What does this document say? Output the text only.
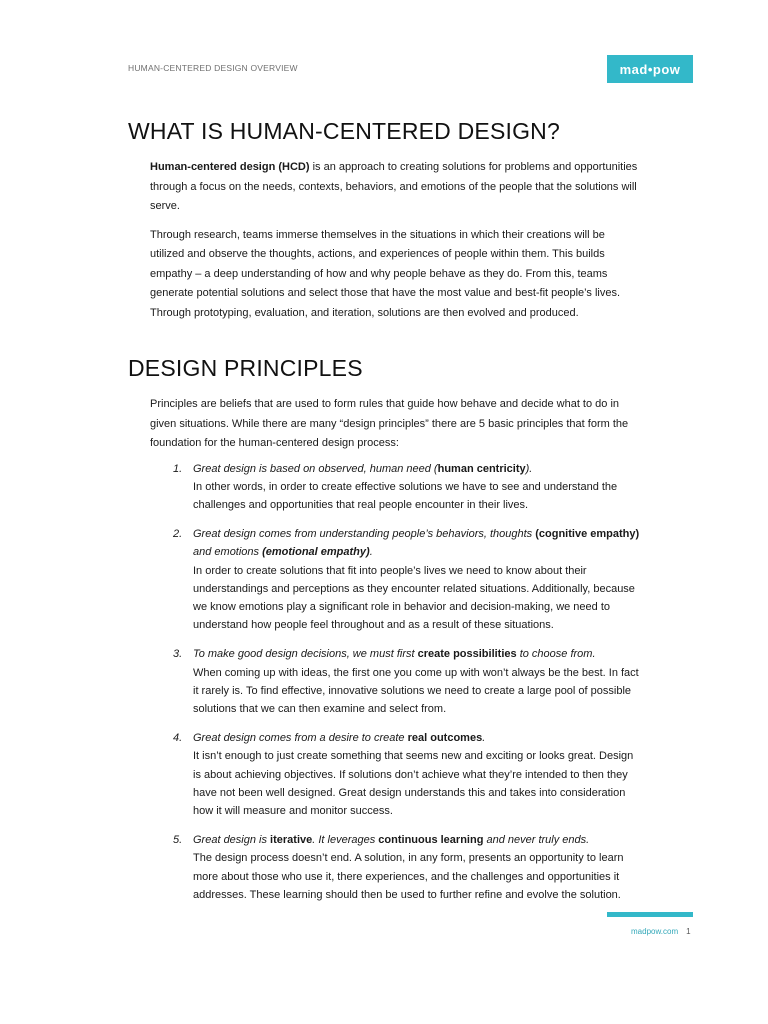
HUMAN-CENTERED DESIGN OVERVIEW	mad•pow
WHAT IS HUMAN-CENTERED DESIGN?

Human-centered design (HCD) is an approach to creating solutions for problems and opportunities through a focus on the needs, contexts, behaviors, and emotions of the people that the solutions will serve.

Through research, teams immerse themselves in the situations in which their creations will be utilized and observe the thoughts, actions, and experiences of people within them. This builds empathy – a deep understanding of how and why people behave as they do. From this, teams generate potential solutions and select those that have the most value and best-fit people’s lives. Through prototyping, evaluation, and iteration, solutions are then evolved and produced.

DESIGN PRINCIPLES

Principles are beliefs that are used to form rules that guide how behave and decide what to do in given situations. While there are many “design principles” there are 5 basic principles that form the foundation for the human-centered design process:

1. Great design is based on observed, human need (human centricity).
In other words, in order to create effective solutions we have to see and understand the challenges and opportunities that real people encounter in their lives.
2. Great design comes from understanding people’s behaviors, thoughts (cognitive empathy) and emotions (emotional empathy).
In order to create solutions that fit into people’s lives we need to know about their understandings and perceptions as they encounter related situations. Additionally, because we know emotions play a significant role in behavior and decision-making, we need to understand how people feel throughout and as a result of these situations.
3. To make good design decisions, we must first create possibilities to choose from.
When coming up with ideas, the first one you come up with won’t always be the best. In fact it rarely is. To find effective, innovative solutions we need to create a large pool of possible solutions that we can then examine and select from.
4. Great design comes from a desire to create real outcomes.
It isn’t enough to just create something that seems new and exciting or looks great. Design is about achieving objectives. If solutions don’t achieve what they’re intended to then they have not been well designed. Great design understands this and takes into consideration how it will measure and monitor success.
5. Great design is iterative. It leverages continuous learning and never truly ends.
The design process doesn’t end. A solution, in any form, presents an opportunity to learn more about those who use it, there experiences, and the challenges and opportunities it addresses. These learning should then be used to further refine and evolve the solution.
madpow.com 1
